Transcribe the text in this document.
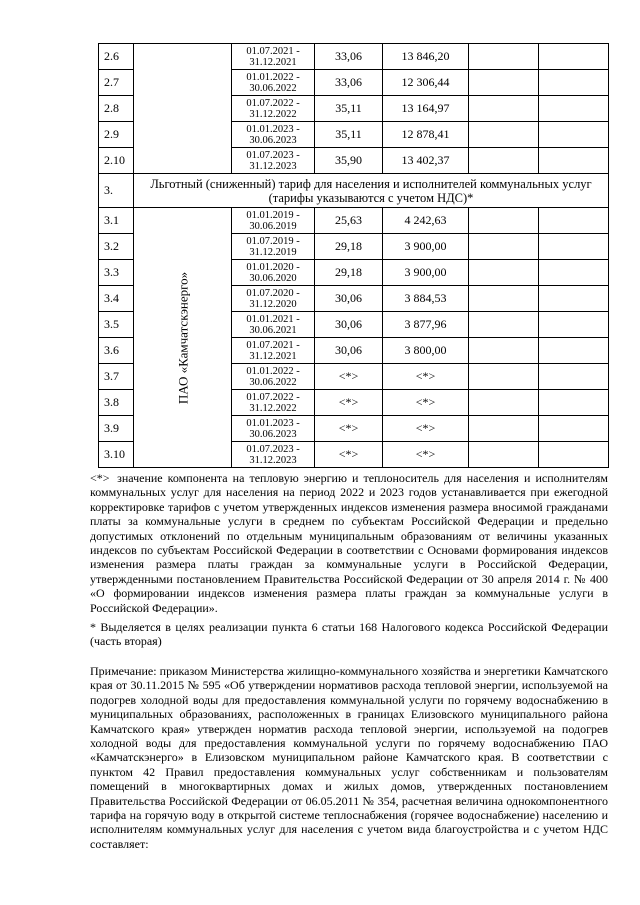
2.6		01.07.2021 - 31.12.2021	33,06	13 846,20		
2.7		01.01.2022 - 30.06.2022	33,06	12 306,44		
2.8		01.07.2022 - 31.12.2022	35,11	13 164,97		
2.9		01.01.2023 - 30.06.2023	35,11	12 878,41		
2.10		01.07.2023 - 31.12.2023	35,90	13 402,37		
3.	Льготный (сниженный) тариф для населения и исполнителей коммунальных услуг (тарифы указываются с учетом НДС)*					
3.1	ПАО «Камчатскэнерго»	01.01.2019 - 30.06.2019	25,63	4 242,63		
3.2		01.07.2019 - 31.12.2019	29,18	3 900,00		
3.3		01.01.2020 - 30.06.2020	29,18	3 900,00		
3.4		01.07.2020 - 31.12.2020	30,06	3 884,53		
3.5		01.01.2021 - 30.06.2021	30,06	3 877,96		
3.6		01.07.2021 - 31.12.2021	30,06	3 800,00		
3.7		01.01.2022 - 30.06.2022	<*>	<*>		
3.8		01.07.2022 - 31.12.2022	<*>	<*>		
3.9		01.01.2023 - 30.06.2023	<*>	<*>		
3.10		01.07.2023 - 31.12.2023	<*>	<*>		

<*> значение компонента на тепловую энергию и теплоноситель для населения и исполнителям коммунальных услуг для населения на период 2022 и 2023 годов устанавливается при ежегодной корректировке тарифов с учетом утвержденных индексов изменения размера вносимой гражданами платы за коммунальные услуги в среднем по субъектам Российской Федерации и предельно допустимых отклонений по отдельным муниципальным образованиям от величины указанных индексов по субъектам Российской Федерации в соответствии с Основами формирования индексов изменения размера платы граждан за коммунальные услуги в Российской Федерации, утвержденными постановлением Правительства Российской Федерации от 30 апреля 2014 г. № 400 «О формировании индексов изменения размера платы граждан за коммунальные услуги в Российской Федерации».

* Выделяется в целях реализации пункта 6 статьи 168 Налогового кодекса Российской Федерации (часть вторая)

Примечание: приказом Министерства жилищно-коммунального хозяйства и энергетики Камчатского края от 30.11.2015 № 595 «Об утверждении нормативов расхода тепловой энергии, используемой на подогрев холодной воды для предоставления коммунальной услуги по горячему водоснабжению в муниципальных образованиях, расположенных в границах Елизовского муниципального района Камчатского края» утвержден норматив расхода тепловой энергии, используемой на подогрев холодной воды для предоставления коммунальной услуги по горячему водоснабжению ПАО «Камчатскэнерго» в Елизовском муниципальном районе Камчатского края. В соответствии с пунктом 42 Правил предоставления коммунальных услуг собственникам и пользователям помещений в многоквартирных домах и жилых домов, утвержденных постановлением Правительства Российской Федерации от 06.05.2011 № 354, расчетная величина однокомпонентного тарифа на горячую воду в открытой системе теплоснабжения (горячее водоснабжение) населению и исполнителям коммунальных услуг для населения с учетом вида благоустройства и с учетом НДС составляет:
